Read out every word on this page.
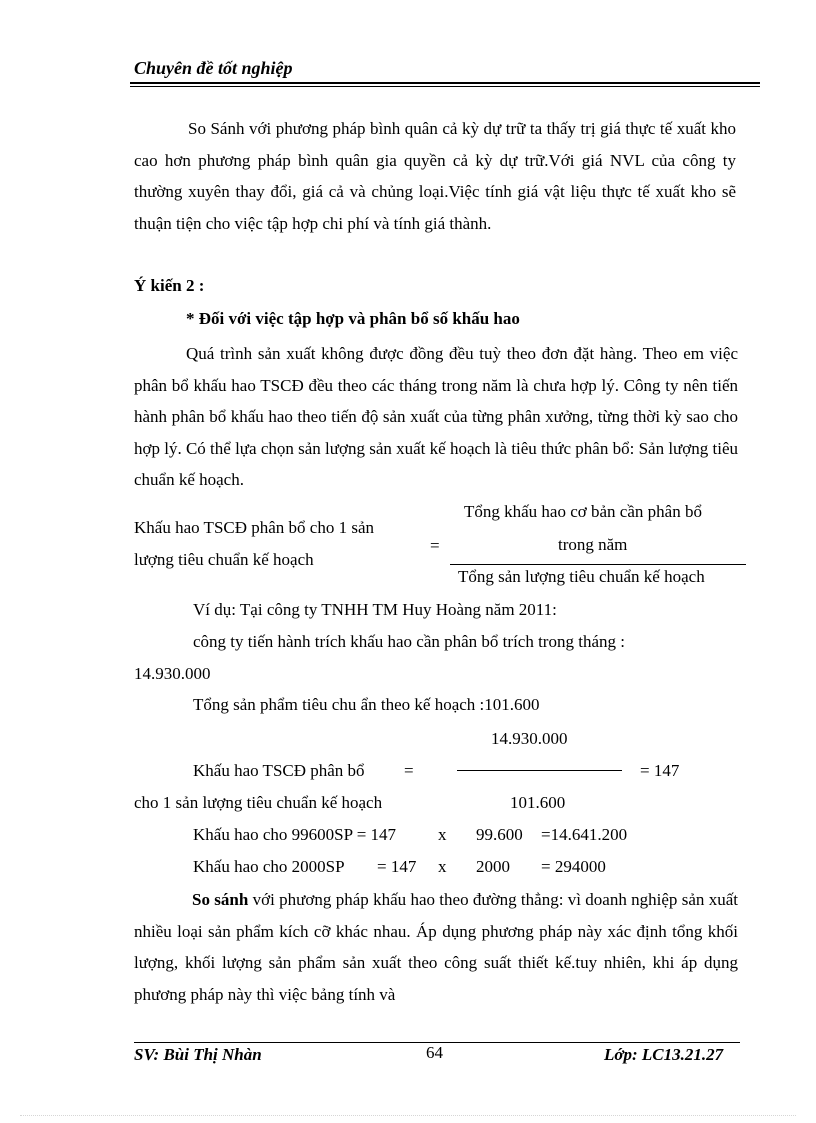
Chuyên đề tốt nghiệp
So Sánh với phương pháp bình quân cả kỳ dự trữ ta thấy trị giá thực tế xuất kho cao hơn phương pháp bình quân gia quyền cả kỳ dự trữ.Với giá NVL của công ty thường xuyên thay đổi, giá cả và chủng loại.Việc tính giá vật liệu thực tế xuất kho sẽ thuận tiện cho việc tập hợp chi phí và tính giá thành.
Ý kiến 2 :
* Đối với việc tập hợp và phân bổ số khấu hao
Quá trình sản xuất không được đồng đều tuỳ theo đơn đặt hàng. Theo em việc phân bổ khấu hao TSCĐ đều theo các tháng trong năm là chưa hợp lý. Công ty nên tiến hành phân bổ khấu hao theo tiến độ sản xuất của từng phân xưởng, từng thời kỳ sao cho hợp lý. Có thể lựa chọn sản lượng sản xuất kế hoạch là tiêu thức phân bổ: Sản lượng tiêu chuẩn kế hoạch.
Khấu hao TSCĐ phân bổ cho 1 sản
lượng tiêu chuẩn kế hoạch
=
Tổng khấu hao cơ bản cần phân bổ
trong năm
Tổng sản lượng tiêu chuẩn kế hoạch
Ví dụ: Tại công ty TNHH TM Huy Hoàng năm 2011:
công ty tiến hành trích khấu hao cần phân bổ trích trong tháng :
14.930.000
Tổng sản phẩm tiêu chu ẩn theo kế hoạch :101.600
14.930.000
Khấu hao TSCĐ phân bổ =	= 147
cho 1 sản lượng tiêu chuẩn kế hoạch	101.600
Khấu hao cho 99600SP = 147 x 99.600 =14.641.200
Khấu hao cho 2000SP = 147 x 2000 = 294000
So sánh với phương pháp khấu hao theo đường thẳng: vì doanh nghiệp sản xuất nhiều loại sản phẩm kích cỡ khác nhau. Áp dụng phương pháp này xác định tổng khối lượng, khối lượng sản phẩm sản xuất theo công suất thiết kế.tuy nhiên, khi áp dụng phương pháp này thì việc bảng tính và
SV: Bùi Thị Nhàn	64	Lớp: LC13.21.27
